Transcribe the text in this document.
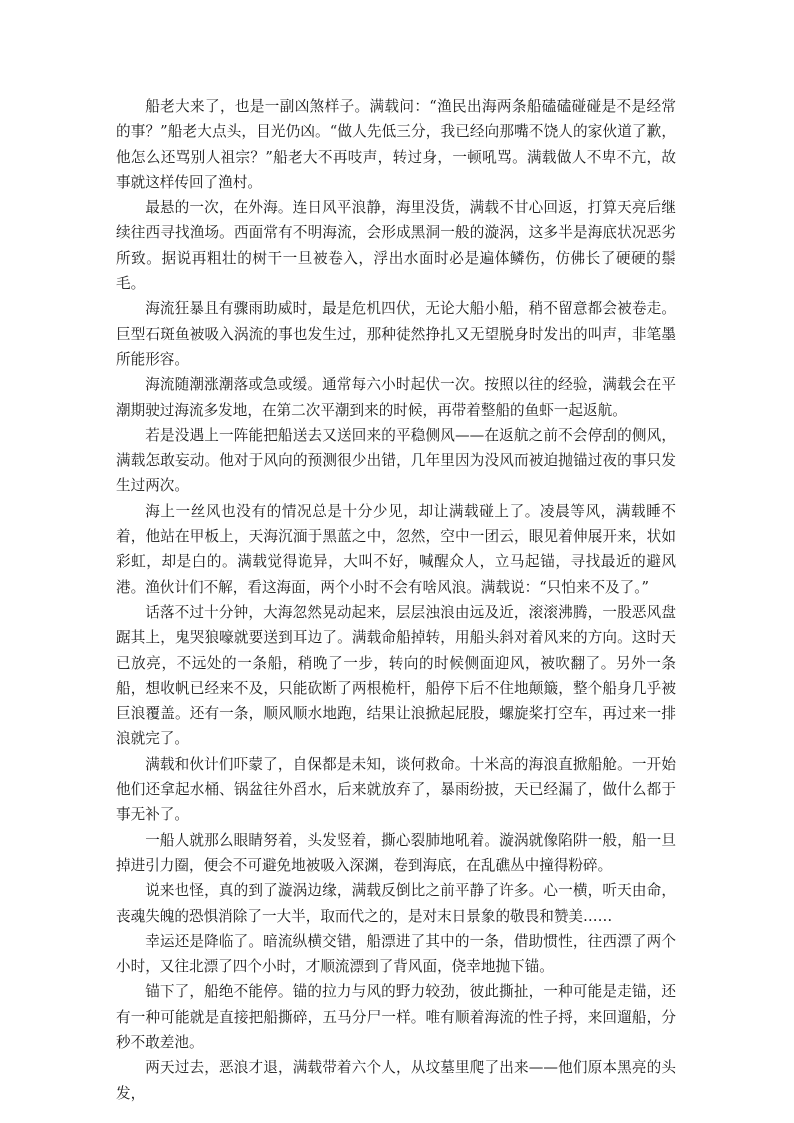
船老大来了，也是一副凶煞样子。满载问：“渔民出海两条船磕磕碰碰是不是经常的事？”船老大点头，目光仍凶。“做人先低三分，我已经向那嘴不饶人的家伙道了歉，他怎么还骂别人祖宗？”船老大不再吱声，转过身，一顿吼骂。满载做人不卑不亢，故事就这样传回了渔村。

最悬的一次，在外海。连日风平浪静，海里没货，满载不甘心回返，打算天亮后继续往西寻找渔场。西面常有不明海流，会形成黑洞一般的漩涡，这多半是海底状况恶劣所致。据说再粗壮的树干一旦被卷入，浮出水面时必是遍体鳞伤，仿佛长了硬硬的鬃毛。

海流狂暴且有骤雨助威时，最是危机四伏，无论大船小船，稍不留意都会被卷走。巨型石斑鱼被吸入涡流的事也发生过，那种徒然挣扎又无望脱身时发出的叫声，非笔墨所能形容。

海流随潮涨潮落或急或缓。通常每六小时起伏一次。按照以往的经验，满载会在平潮期驶过海流多发地，在第二次平潮到来的时候，再带着整船的鱼虾一起返航。

若是没遇上一阵能把船送去又送回来的平稳侧风——在返航之前不会停刮的侧风，满载怎敢妄动。他对于风向的预测很少出错，几年里因为没风而被迫抛锚过夜的事只发生过两次。

海上一丝风也没有的情况总是十分少见，却让满载碰上了。凌晨等风，满载睡不着，他站在甲板上，天海沉湎于黑蓝之中，忽然，空中一团云，眼见着伸展开来，状如彩虹，却是白的。满载觉得诡异，大叫不好，喊醒众人，立马起锚，寻找最近的避风港。渔伙计们不解，看这海面，两个小时不会有啥风浪。满载说：“只怕来不及了。”

话落不过十分钟，大海忽然晃动起来，层层浊浪由远及近，滚滚沸腾，一股恶风盘踞其上，鬼哭狼嚎就要送到耳边了。满载命船掉转，用船头斜对着风来的方向。这时天已放亮，不远处的一条船，稍晚了一步，转向的时候侧面迎风，被吹翻了。另外一条船，想收帆已经来不及，只能砍断了两根桅杆，船停下后不住地颠簸，整个船身几乎被巨浪覆盖。还有一条，顺风顺水地跑，结果让浪掀起屁股，螺旋桨打空车，再过来一排浪就完了。

满载和伙计们吓蒙了，自保都是未知，谈何救命。十米高的海浪直掀船舱。一开始他们还拿起水桶、锅盆往外舀水，后来就放弃了，暴雨纷披，天已经漏了，做什么都于事无补了。

一船人就那么眼睛努着，头发竖着，撕心裂肺地吼着。漩涡就像陷阱一般，船一旦掉进引力圈，便会不可避免地被吸入深渊，卷到海底，在乱礁丛中撞得粉碎。

说来也怪，真的到了漩涡边缘，满载反倒比之前平静了许多。心一横，听天由命，丧魂失魄的恐惧消除了一大半，取而代之的，是对末日景象的敬畏和赞美……

幸运还是降临了。暗流纵横交错，船漂进了其中的一条，借助惯性，往西漂了两个小时，又往北漂了四个小时，才顺流漂到了背风面，侥幸地抛下锚。

锚下了，船绝不能停。锚的拉力与风的野力较劲，彼此撕扯，一种可能是走锚，还有一种可能就是直接把船撕碎，五马分尸一样。唯有顺着海流的性子捋，来回遛船，分秒不敢差池。

两天过去，恶浪才退，满载带着六个人，从坟墓里爬了出来——他们原本黑亮的头发，
